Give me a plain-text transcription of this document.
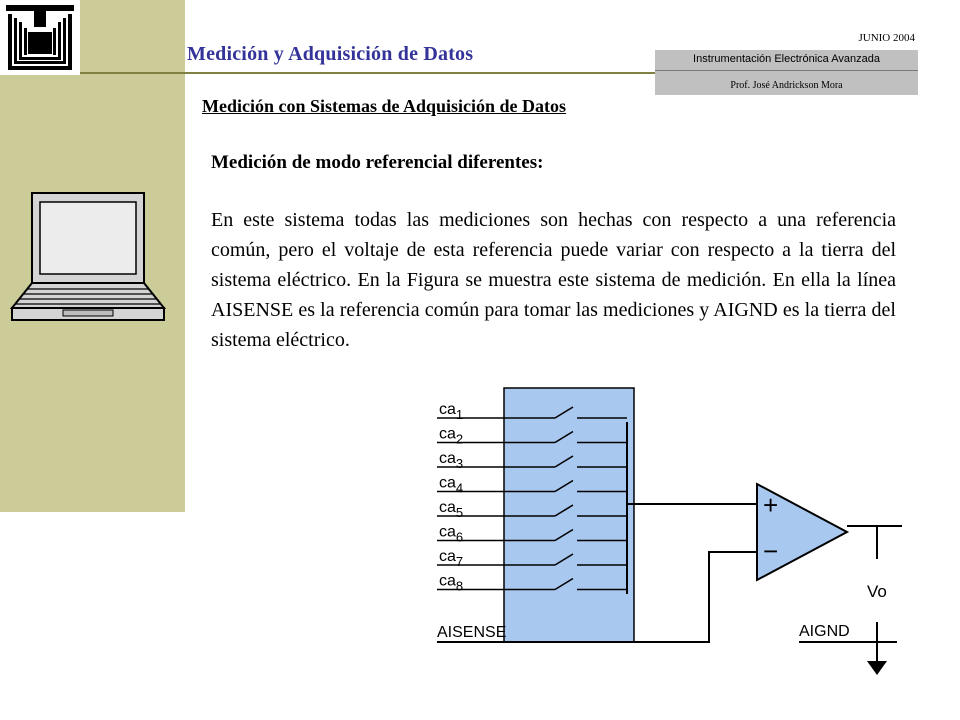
Medición y Adquisición de Datos
JUNIO 2004
Instrumentación Electrónica Avanzada
Prof. José Andrickson Mora
Medición con Sistemas de Adquisición de Datos
Medición de modo referencial diferentes:
En este sistema todas las mediciones son hechas con respecto a una referencia común, pero el voltaje de esta referencia puede variar con respecto a la tierra del sistema eléctrico. En la Figura se muestra este sistema de medición. En ella la línea AISENSE es la referencia común para tomar las mediciones y AIGND es la tierra del sistema eléctrico.
$ca_1$
$ca_2$
$ca_3$
$ca_4$
$ca_5$
$ca_6$
$ca_7$
$ca_8$
+
−
AISENSE
Vo
AIGND
